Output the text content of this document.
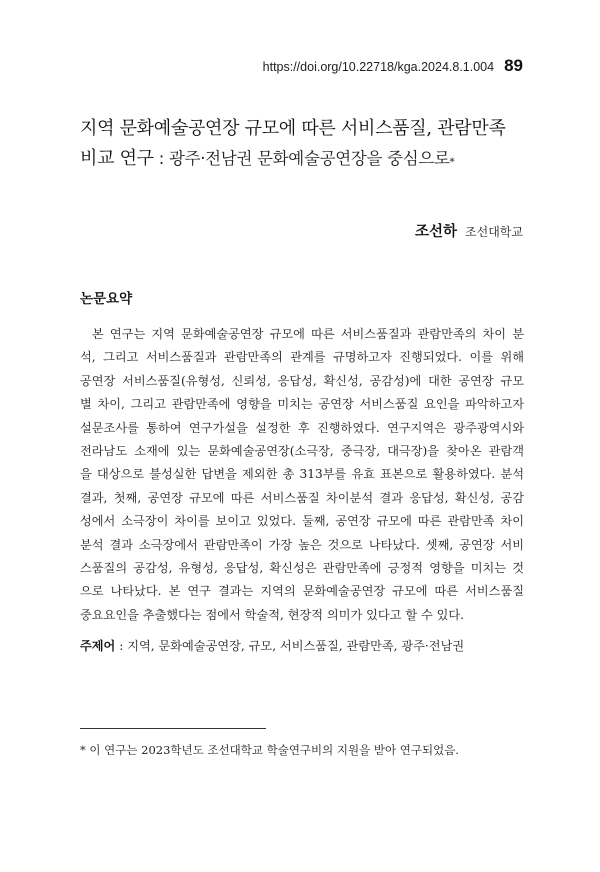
https://doi.org/10.22718/kga.2024.8.1.004 89
지역 문화예술공연장 규모에 따른 서비스품질, 관람만족
비교 연구 : 광주·전남권 문화예술공연장을 중심으로*
조선하 조선대학교
논문요약
본 연구는 지역 문화예술공연장 규모에 따른 서비스품질과 관람만족의 차이 분
석, 그리고 서비스품질과 관람만족의 관계를 규명하고자 진행되었다. 이를 위해
공연장 서비스품질(유형성, 신뢰성, 응답성, 확신성, 공감성)에 대한 공연장 규모
별 차이, 그리고 관람만족에 영향을 미치는 공연장 서비스품질 요인을 파악하고자
설문조사를 통하여 연구가설을 설정한 후 진행하였다. 연구지역은 광주광역시와
전라남도 소재에 있는 문화예술공연장(소극장, 중극장, 대극장)을 찾아온 관람객
을 대상으로 불성실한 답변을 제외한 총 313부를 유효 표본으로 활용하였다. 분석
결과, 첫째, 공연장 규모에 따른 서비스품질 차이분석 결과 응답성, 확신성, 공감
성에서 소극장이 차이를 보이고 있었다. 둘째, 공연장 규모에 따른 관람만족 차이
분석 결과 소극장에서 관람만족이 가장 높은 것으로 나타났다. 셋째, 공연장 서비
스품질의 공감성, 유형성, 응답성, 확신성은 관람만족에 긍정적 영향을 미치는 것
으로 나타났다. 본 연구 결과는 지역의 문화예술공연장 규모에 따른 서비스품질
중요요인을 추출했다는 점에서 학술적, 현장적 의미가 있다고 할 수 있다.
주제어 : 지역, 문화예술공연장, 규모, 서비스품질, 관람만족, 광주·전남권
* 이 연구는 2023학년도 조선대학교 학술연구비의 지원을 받아 연구되었음.
